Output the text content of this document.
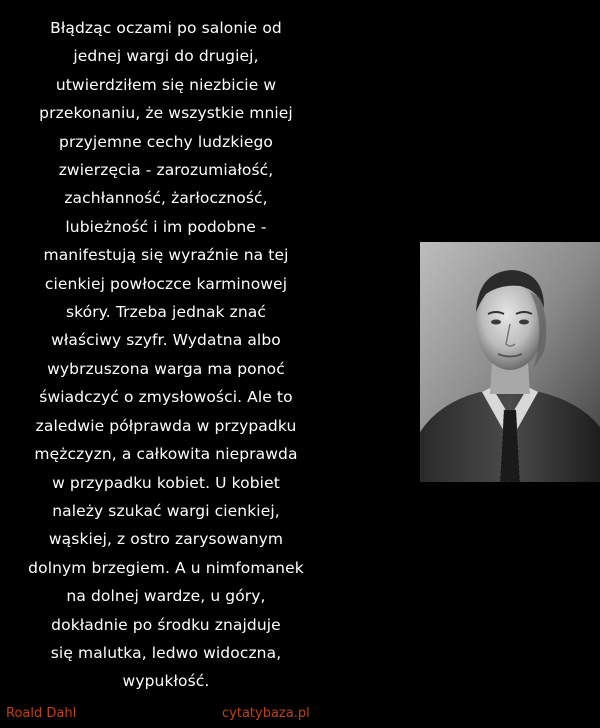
Błądząc oczami po salonie od
jednej wargi do drugiej,
utwierdziłem się niezbicie w
przekonaniu, że wszystkie mniej
przyjemne cechy ludzkiego
zwierzęcia - zarozumiałość,
zachłanność, żarłoczność,
lubieżność i im podobne -
manifestują się wyraźnie na tej
cienkiej powłoczce karminowej
skóry. Trzeba jednak znać
właściwy szyfr. Wydatna albo
wybrzuszona warga ma ponoć
świadczyć o zmysłowości. Ale to
zaledwie półprawda w przypadku
mężczyzn, a całkowita nieprawda
w przypadku kobiet. U kobiet
należy szukać wargi cienkiej,
wąskiej, z ostro zarysowanym
dolnym brzegiem. A u nimfomanek
na dolnej wardze, u góry,
dokładnie po środku znajduje
się malutka, ledwo widoczna,
wypukłość.
Roald Dahl	cytatybaza.pl
